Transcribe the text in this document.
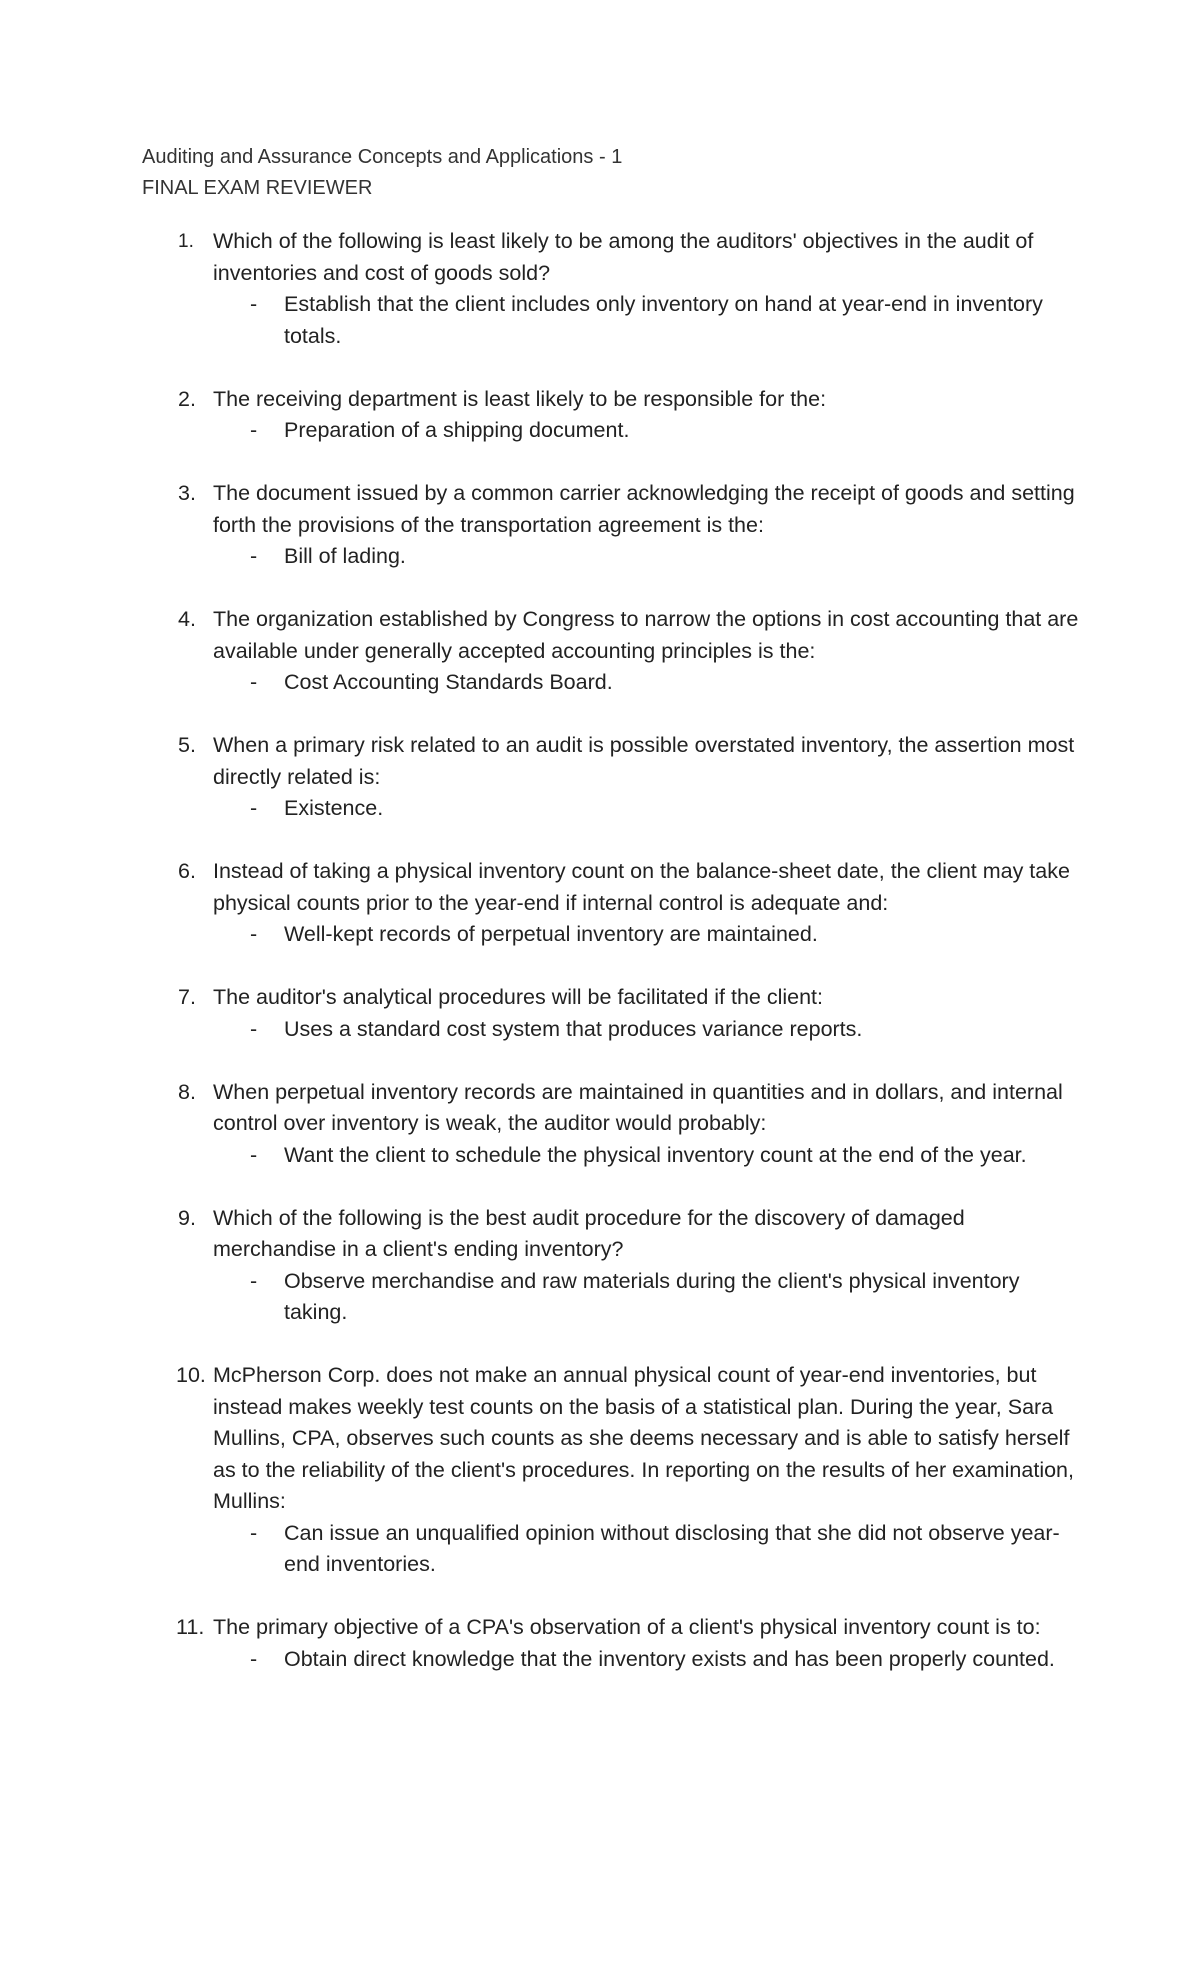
Auditing and Assurance Concepts and Applications - 1
FINAL EXAM REVIEWER
1. Which of the following is least likely to be among the auditors' objectives in the audit of inventories and cost of goods sold?
- Establish that the client includes only inventory on hand at year-end in inventory totals.
2. The receiving department is least likely to be responsible for the:
- Preparation of a shipping document.
3. The document issued by a common carrier acknowledging the receipt of goods and setting forth the provisions of the transportation agreement is the:
- Bill of lading.
4. The organization established by Congress to narrow the options in cost accounting that are available under generally accepted accounting principles is the:
- Cost Accounting Standards Board.
5. When a primary risk related to an audit is possible overstated inventory, the assertion most directly related is:
- Existence.
6. Instead of taking a physical inventory count on the balance-sheet date, the client may take physical counts prior to the year-end if internal control is adequate and:
- Well-kept records of perpetual inventory are maintained.
7. The auditor's analytical procedures will be facilitated if the client:
- Uses a standard cost system that produces variance reports.
8. When perpetual inventory records are maintained in quantities and in dollars, and internal control over inventory is weak, the auditor would probably:
- Want the client to schedule the physical inventory count at the end of the year.
9. Which of the following is the best audit procedure for the discovery of damaged merchandise in a client's ending inventory?
- Observe merchandise and raw materials during the client's physical inventory taking.
10. McPherson Corp. does not make an annual physical count of year-end inventories, but instead makes weekly test counts on the basis of a statistical plan. During the year, Sara Mullins, CPA, observes such counts as she deems necessary and is able to satisfy herself as to the reliability of the client's procedures. In reporting on the results of her examination, Mullins:
- Can issue an unqualified opinion without disclosing that she did not observe year-end inventories.
11. The primary objective of a CPA's observation of a client's physical inventory count is to:
- Obtain direct knowledge that the inventory exists and has been properly counted.
